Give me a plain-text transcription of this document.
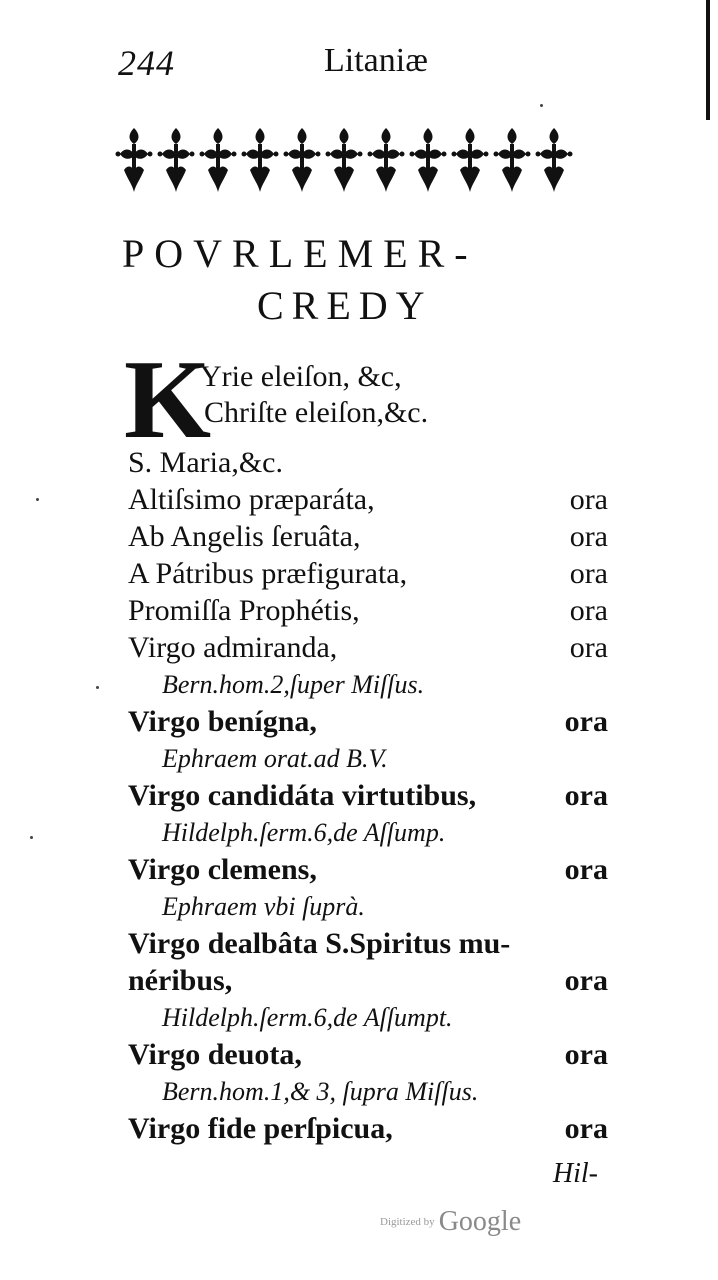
244	Litaniæ
POVRLEMER-
CREDY
K
Yrie eleiſon, &c,
Chriſte eleiſon,&c.
S. Maria,&c.
Altiſsimo præparáta,	ora
Ab Angelis ſeruâta,	ora
A Pátribus præfigurata,	ora
Promiſſa Prophétis,	ora
Virgo admiranda,	ora
Bern.hom.2,ſuper Miſſus.
Virgo benígna,	ora
Ephraem orat.ad B.V.
Virgo candidáta virtutibus,	ora
Hildelph.ſerm.6,de Aſſump.
Virgo clemens,	ora
Ephraem vbi ſuprà.
Virgo dealbâta S.Spiritus mu-
néribus,	ora
Hildelph.ſerm.6,de Aſſumpt.
Virgo deuota,	ora
Bern.hom.1,& 3, ſupra Miſſus.
Virgo fide perſpicua,	ora
Hil-
Digitized by Google
